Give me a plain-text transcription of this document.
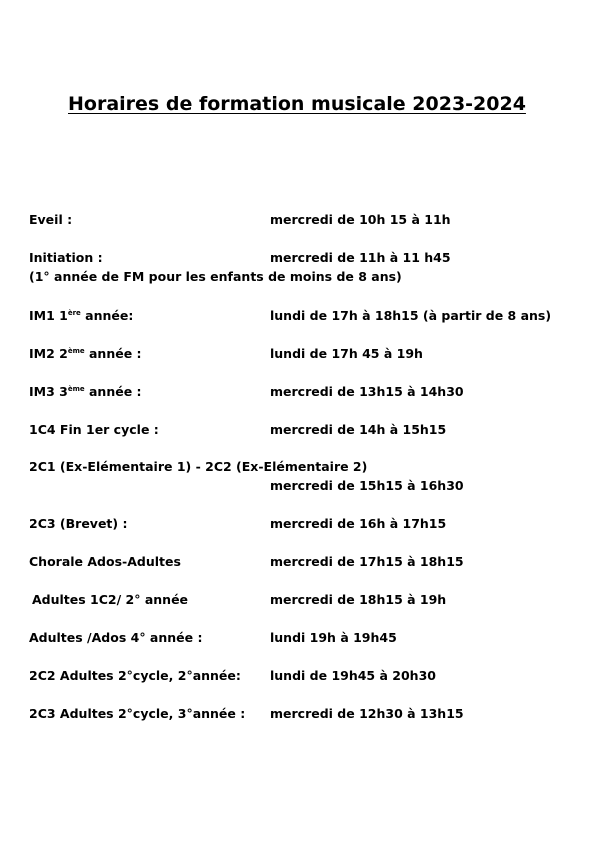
Horaires de formation musicale 2023-2024
Eveil :	mercredi de 10h 15 à 11h
Initiation :	mercredi de 11h à 11 h45
(1° année de FM pour les enfants de moins de 8 ans)
IM1 1ère année:	lundi de 17h à 18h15 (à partir de 8 ans)
IM2 2ème année :	lundi de 17h 45 à 19h
IM3 3ème année :	mercredi de 13h15 à 14h30
1C4 Fin 1er cycle :	mercredi de 14h à 15h15
2C1 (Ex-Elémentaire 1) - 2C2 (Ex-Elémentaire 2)
mercredi de 15h15 à 16h30
2C3 (Brevet) :	mercredi de 16h à 17h15
Chorale Ados-Adultes	mercredi de 17h15 à 18h15
Adultes 1C2/ 2° année	mercredi de 18h15 à 19h
Adultes /Ados 4° année :	lundi 19h à 19h45
2C2 Adultes 2°cycle, 2°année: lundi de 19h45 à 20h30
2C3 Adultes 2°cycle, 3°année : mercredi de 12h30 à 13h15
